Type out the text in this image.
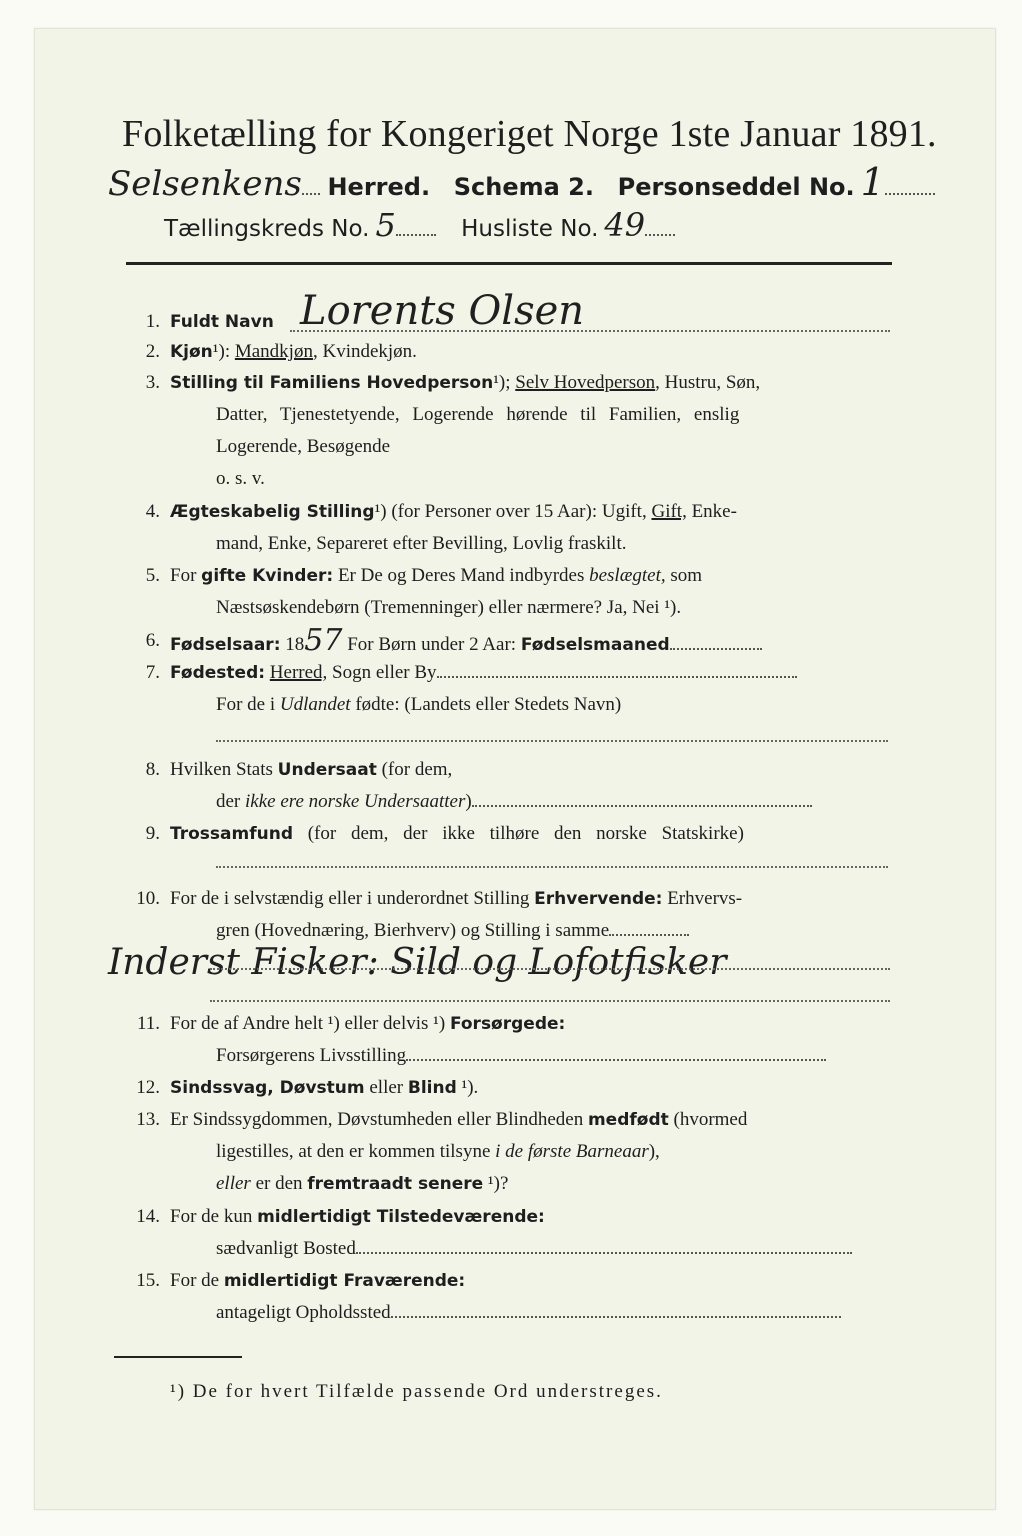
Folketælling for Kongeriget Norge 1ste Januar 1891.
Selsenkens Herred. Schema 2. Personseddel No. 1
Tællingskreds No. 5	Husliste No. 49
1. Fuldt Navn Lorents Olsen
2. Kjøn¹): Mandkjøn, Kvindekjøn.
3. Stilling til Familiens Hovedperson¹); Selv Hovedperson, Hustru, Søn,
Datter, Tjenestetyende, Logerende hørende til Familien, enslig
Logerende, Besøgende
o. s. v.
4. Ægteskabelig Stilling¹) (for Personer over 15 Aar): Ugift, Gift, Enke-
mand, Enke, Separeret efter Bevilling, Lovlig fraskilt.
5. For gifte Kvinder: Er De og Deres Mand indbyrdes beslægtet, som
Næstsøskendebørn (Tremenninger) eller nærmere? Ja, Nei ¹).
6. Fødselsaar: 1857 For Børn under 2 Aar: Fødselsmaaned
7. Fødested: Herred, Sogn eller By
For de i Udlandet fødte: (Landets eller Stedets Navn)
8. Hvilken Stats Undersaat (for dem,
der ikke ere norske Undersaatter)
9. Trossamfund (for dem, der ikke tilhøre den norske Statskirke)
10. For de i selvstændig eller i underordnet Stilling Erhvervende: Erhvervs-
gren (Hovednæring, Bierhverv) og Stilling i samme
Inderst Fisker: Sild og Lofotfisker
11. For de af Andre helt ¹) eller delvis ¹) Forsørgede:
Forsørgerens Livsstilling
12. Sindssvag, Døvstum eller Blind ¹).
13. Er Sindssygdommen, Døvstumheden eller Blindheden medfødt (hvormed
ligestilles, at den er kommen tilsyne i de første Barneaar),
eller er den fremtraadt senere ¹)?
14. For de kun midlertidigt Tilstedeværende:
sædvanligt Bosted
15. For de midlertidigt Fraværende:
antageligt Opholdssted
¹) De for hvert Tilfælde passende Ord understreges.
